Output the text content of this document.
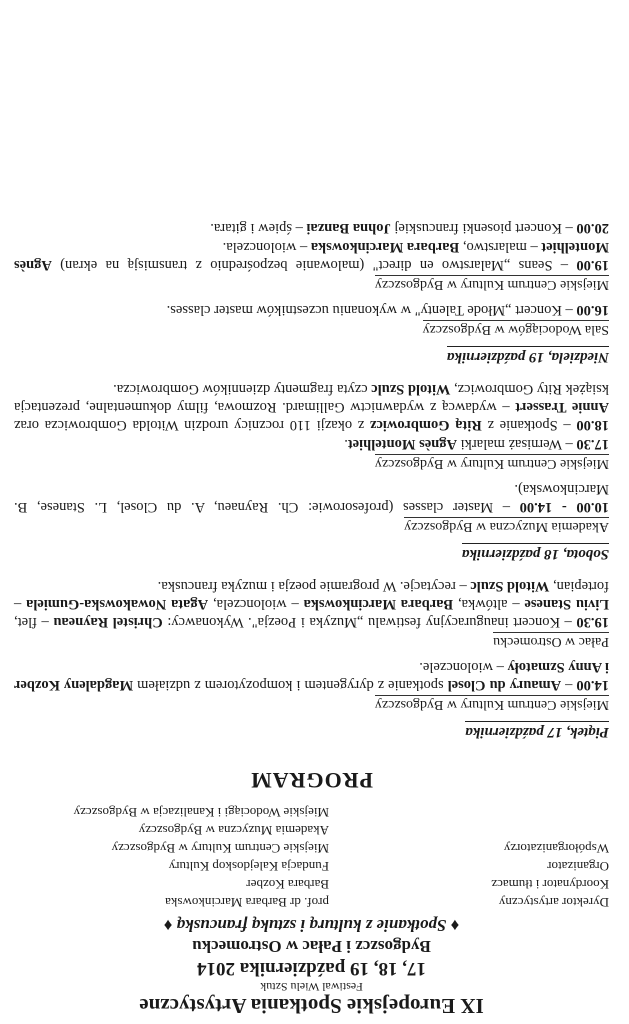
IX Europejskie Spotkania Artystyczne
Festiwal Wielu Sztuk
17, 18, 19 października 2014
Bydgoszcz i Pałac w Ostromecku
♦ Spotkanie z kulturą i sztuką francuską ♦
Dyrektor artystyczny
prof. dr Barbara Marcinkowska
Koordynator i tłumacz
Barbara Kozber
Organizator
Fundacja Kalejdoskop Kultury
Współorganizatorzy
Miejskie Centrum Kultury w Bydgoszczy
Akademia Muzyczna w Bydgoszczy
Miejskie Wodociągi i Kanalizacja w Bydgoszczy
PROGRAM
Piątek, 17 października
Miejskie Centrum Kultury w Bydgoszczy
14.00 – Amaury du Closel spotkanie z dyrygentem i kompozytorem z udziałem Magdaleny Kozber i Anny Szmatoły – wiolonczele.
Pałac w Ostromecku
19.30 – Koncert inauguracyjny festiwalu „Muzyka i Poezja". Wykonawcy: Christel Rayneau – flet, Liviu Stanese – altówka, Barbara Marcinkowska – wiolonczela, Agata Nowakowska-Gumiela – fortepian, Witold Szulc – recytacje. W programie poezja i muzyka francuska.
Sobota, 18 października
Akademia Muzyczna w Bydgoszczy
10.00 - 14.00 – Master classes (profesorowie: Ch. Raynaeu, A. du Closel, L. Stanese, B. Marcinkowska).
Miejskie Centrum Kultury w Bydgoszczy
17.30 – Wernisaż malarki Agnès Montelhiet.
18.00 – Spotkanie z Ritą Gombrowicz z okazji 110 rocznicy urodzin Witolda Gombrowicza oraz Annie Trassert – wydawcą z wydawnictw Gallimard. Rozmowa, filmy dokumentalne, prezentacja książek Rity Gombrowicz, Witold Szulc czyta fragmenty dzienników Gombrowicza.
Niedziela, 19 października
Sala Wodociągów w Bydgoszczy
16.00 – Koncert „Młode Talenty" w wykonaniu uczestników master classes.
Miejskie Centrum Kultury w Bydgoszczy
19.00 – Seans „Malarstwo en direct" (malowanie bezpośrednio z transmisją na ekran) Agnès Montelhiet – malarstwo, Barbara Marcinkowska – wiolonczela.
20.00 – Koncert piosenki francuskiej Johna Banzai – śpiew i gitara.
